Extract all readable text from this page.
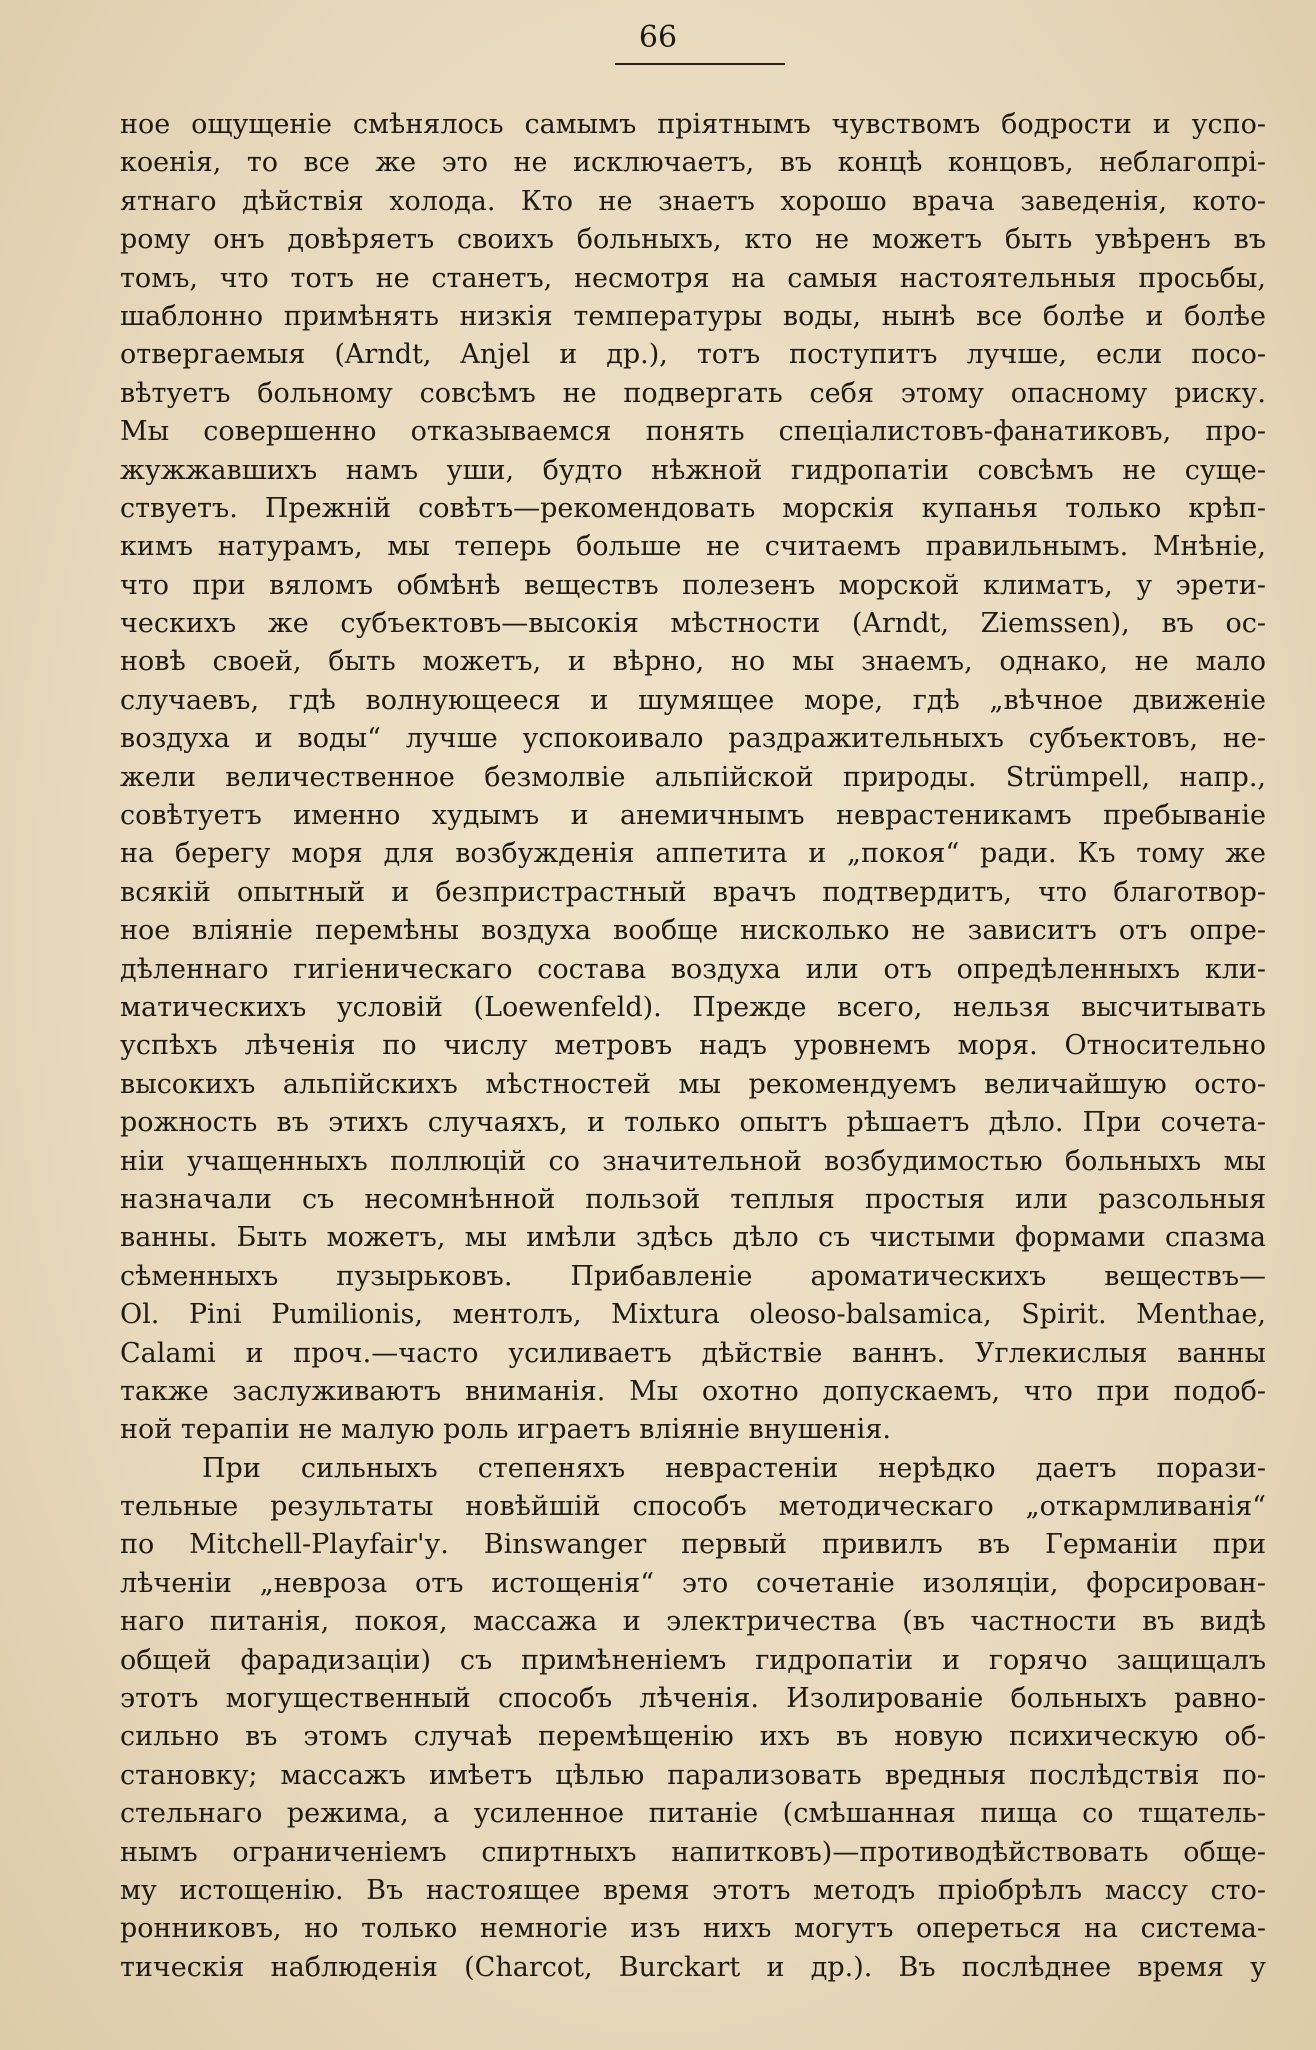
66
ное ощущеніе смѣнялось самымъ пріятнымъ чувствомъ бодрости и успо-
коенія, то все же это не исключаетъ, въ концѣ концовъ, неблагопрі-
ятнаго дѣйствія холода. Кто не знаетъ хорошо врача заведенія, кото-
рому онъ довѣряетъ своихъ больныхъ, кто не можетъ быть увѣренъ въ
томъ, что тотъ не станетъ, несмотря на самыя настоятельныя просьбы,
шаблонно примѣнять низкія температуры воды, нынѣ все болѣе и болѣе
отвергаемыя (Arndt, Anjel и др.), тотъ поступитъ лучше, если посо-
вѣтуетъ больному совсѣмъ не подвергать себя этому опасному риску.
Мы совершенно отказываемся понять спеціалистовъ-фанатиковъ, про-
жужжавшихъ намъ уши, будто нѣжной гидропатіи совсѣмъ не суще-
ствуетъ. Прежній совѣтъ—рекомендовать морскія купанья только крѣп-
кимъ натурамъ, мы теперь больше не считаемъ правильнымъ. Мнѣніе,
что при вяломъ обмѣнѣ веществъ полезенъ морской климатъ, у эрети-
ческихъ же субъектовъ—высокія мѣстности (Arndt, Ziemssen), въ ос-
новѣ своей, быть можетъ, и вѣрно, но мы знаемъ, однако, не мало
случаевъ, гдѣ волнующееся и шумящее море, гдѣ „вѣчное движеніе
воздуха и воды“ лучше успокоивало раздражительныхъ субъектовъ, не-
жели величественное безмолвіе альпійской природы. Strümpell, напр.,
совѣтуетъ именно худымъ и анемичнымъ неврастеникамъ пребываніе
на берегу моря для возбужденія аппетита и „покоя“ ради. Къ тому же
всякій опытный и безпристрастный врачъ подтвердитъ, что благотвор-
ное вліяніе перемѣны воздуха вообще нисколько не зависитъ отъ опре-
дѣленнаго гигіеническаго состава воздуха или отъ опредѣленныхъ кли-
матическихъ условій (Loewenfeld). Прежде всего, нельзя высчитывать
успѣхъ лѣченія по числу метровъ надъ уровнемъ моря. Относительно
высокихъ альпійскихъ мѣстностей мы рекомендуемъ величайшую осто-
рожность въ этихъ случаяхъ, и только опытъ рѣшаетъ дѣло. При сочета-
ніи учащенныхъ поллюцій со значительной возбудимостью больныхъ мы
назначали съ несомнѣнной пользой теплыя простыя или разсольныя
ванны. Быть можетъ, мы имѣли здѣсь дѣло съ чистыми формами спазма
сѣменныхъ пузырьковъ. Прибавленіе ароматическихъ веществъ—
Ol. Pini Pumilionis, ментолъ, Mixtura oleoso-balsamica, Spirit. Menthae,
Calami и проч.—часто усиливаетъ дѣйствіе ваннъ. Углекислыя ванны
также заслуживаютъ вниманія. Мы охотно допускаемъ, что при подоб-
ной терапіи не малую роль играетъ вліяніе внушенія.
При сильныхъ степеняхъ неврастеніи нерѣдко даетъ порази-
тельные результаты новѣйшій способъ методическаго „откармливанія“
по Mitchell-Playfair'у. Binswanger первый привилъ въ Германіи при
лѣченіи „невроза отъ истощенія“ это сочетаніе изоляціи, форсирован-
наго питанія, покоя, массажа и электричества (въ частности въ видѣ
общей фарадизаціи) съ примѣненіемъ гидропатіи и горячо защищалъ
этотъ могущественный способъ лѣченія. Изолированіе больныхъ равно-
сильно въ этомъ случаѣ перемѣщенію ихъ въ новую психическую об-
становку; массажъ имѣетъ цѣлью парализовать вредныя послѣдствія по-
стельнаго режима, а усиленное питаніе (смѣшанная пища со тщатель-
нымъ ограниченіемъ спиртныхъ напитковъ)—противодѣйствовать обще-
му истощенію. Въ настоящее время этотъ методъ пріобрѣлъ массу сто-
ронниковъ, но только немногіе изъ нихъ могутъ опереться на система-
тическія наблюденія (Charcot, Burckart и др.). Въ послѣднее время у
